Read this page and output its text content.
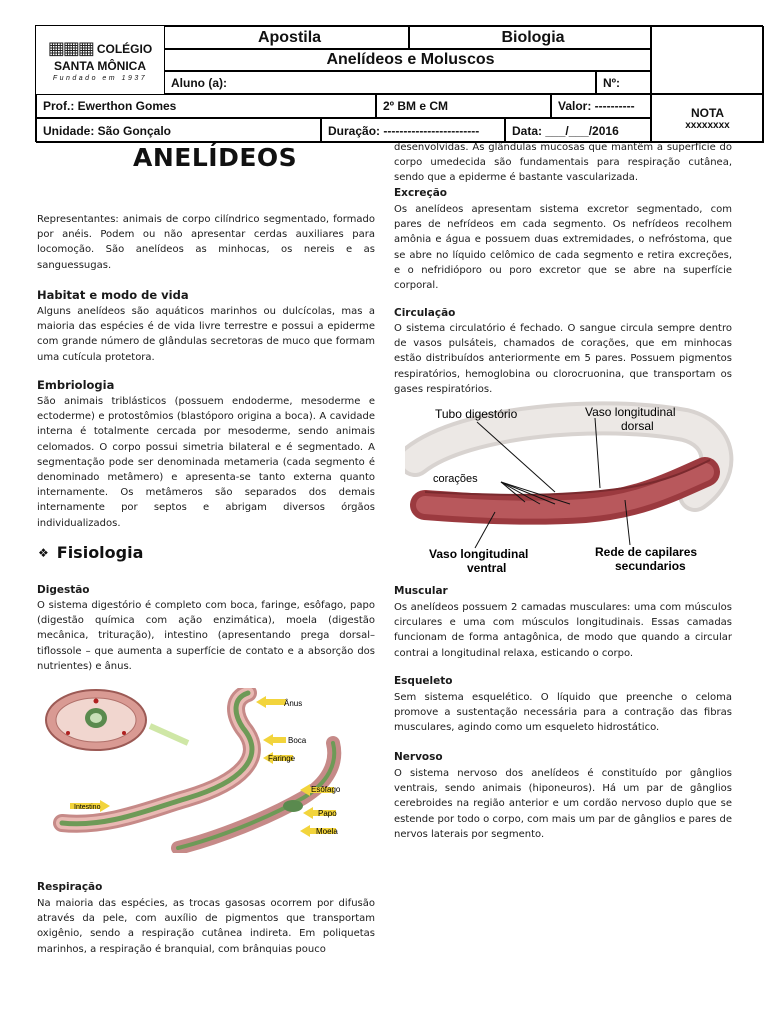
▦▦▦ COLÉGIO
SANTA MÔNICA
Fundado em 1937
Apostila	Biologia
Anelídeos e Moluscos
Aluno (a):	Nº:
Prof.: Ewerthon Gomes	2º BM e CM	Valor: ----------	NOTA
xxxxxxxx
Unidade: São Gonçalo	Duração: ------------------------	Data: ___/___/2016
ANELÍDEOS

Representantes: animais de corpo cilíndrico segmentado, formado por anéis. Podem ou não apresentar cerdas auxiliares para locomoção. São anelídeos as minhocas, os nereis e as sanguessugas.

Habitat e modo de vida

Alguns anelídeos são aquáticos marinhos ou dulcícolas, mas a maioria das espécies é de vida livre terrestre e possui a epiderme com grande número de glândulas secretoras de muco que formam uma cutícula protetora.

Embriologia

São animais triblásticos (possuem endoderme, mesoderme e ectoderme) e protostômios (blastóporo origina a boca). A cavidade interna é totalmente cercada por mesoderme, sendo animais celomados. O corpo possui simetria bilateral e é segmentado. A segmentação pode ser denominada metameria (cada segmento é denominado metâmero) e apresenta-se tanto externa quanto internamente. Os metâmeros são separados dos demais internamente por septos e abrigam diversos órgãos individualizados.

❖ Fisiologia
Digestão

O sistema digestório é completo com boca, faringe, esôfago, papo (digestão química com ação enzimática), moela (digestão mecânica, trituração), intestino (apresentando prega dorsal– tiflossole – que aumenta a superfície de contato e a absorção dos nutrientes) e ânus.

Ânus
Boca
Faringe
Esôfago
Papo
Moela
Intestino
Respiração

Na maioria das espécies, as trocas gasosas ocorrem por difusão através da pele, com auxílio de pigmentos que transportam oxigênio, sendo a respiração cutânea indireta. Em poliquetas marinhos, a respiração é branquial, com brânquias pouco

desenvolvidas. As glândulas mucosas que mantêm a superfície do corpo umedecida são fundamentais para respiração cutânea, sendo que a epiderme é bastante vascularizada.

Excreção

Os anelídeos apresentam sistema excretor segmentado, com pares de nefrídeos em cada segmento. Os nefrídeos recolhem amônia e água e possuem duas extremidades, o nefróstoma, que se abre no líquido celômico de cada segmento e retira excreções, e o nefridióporo ou poro excretor que se abre na superfície corporal.

Circulação

O sistema circulatório é fechado. O sangue circula sempre dentro de vasos pulsáteis, chamados de corações, que em minhocas estão distribuídos anteriormente em 5 pares. Possuem pigmentos respiratórios, hemoglobina ou clorocruonina, que transportam os gases respiratórios.

Tubo digestório	Vaso longitudinal
dorsal
corações
Vaso longitudinal
ventral
Rede de capilares
secundarios
Muscular

Os anelídeos possuem 2 camadas musculares: uma com músculos circulares e uma com músculos longitudinais. Essas camadas funcionam de forma antagônica, de modo que quando a circular contrai a longitudinal relaxa, esticando o corpo.

Esqueleto

Sem sistema esquelético. O líquido que preenche o celoma promove a sustentação necessária para a contração das fibras musculares, agindo como um esqueleto hidrostático.

Nervoso

O sistema nervoso dos anelídeos é constituído por gânglios ventrais, sendo animais (hiponeuros). Há um par de gânglios cerebroides na região anterior e um cordão nervoso duplo que se estende por todo o corpo, com mais um par de gânglios e pares de nervos laterais por segmento.
